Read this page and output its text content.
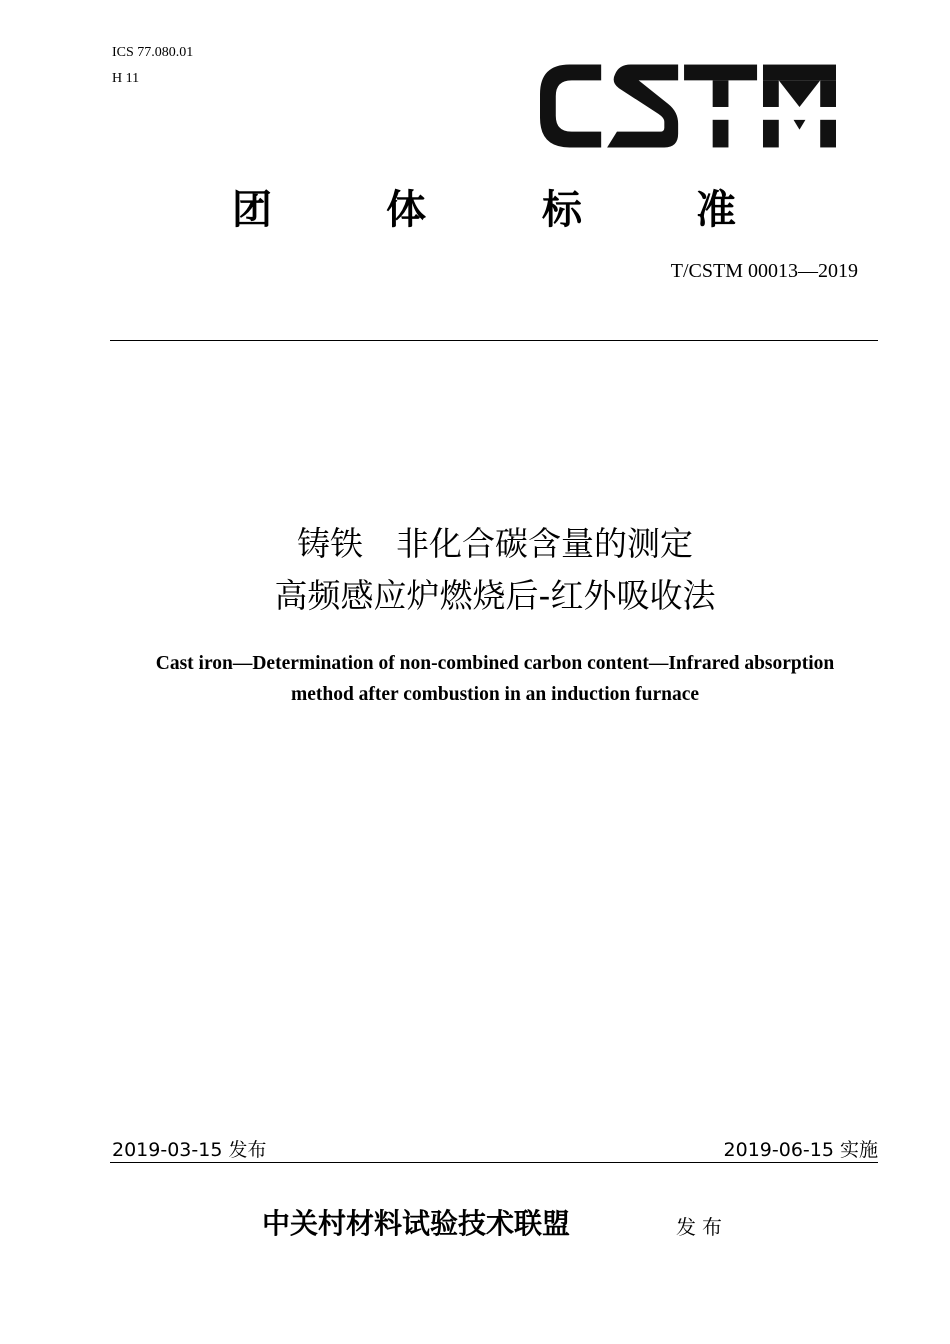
ICS 77.080.01
H 11
团	体	标	准
T/CSTM 00013—2019
铸铁　非化合碳含量的测定
高频感应炉燃烧后-红外吸收法
Cast iron—Determination of non-combined carbon content—Infrared absorption
method after combustion in an induction furnace
2019-03-15 发布	2019-06-15 实施
中关村材料试验技术联盟	发布
